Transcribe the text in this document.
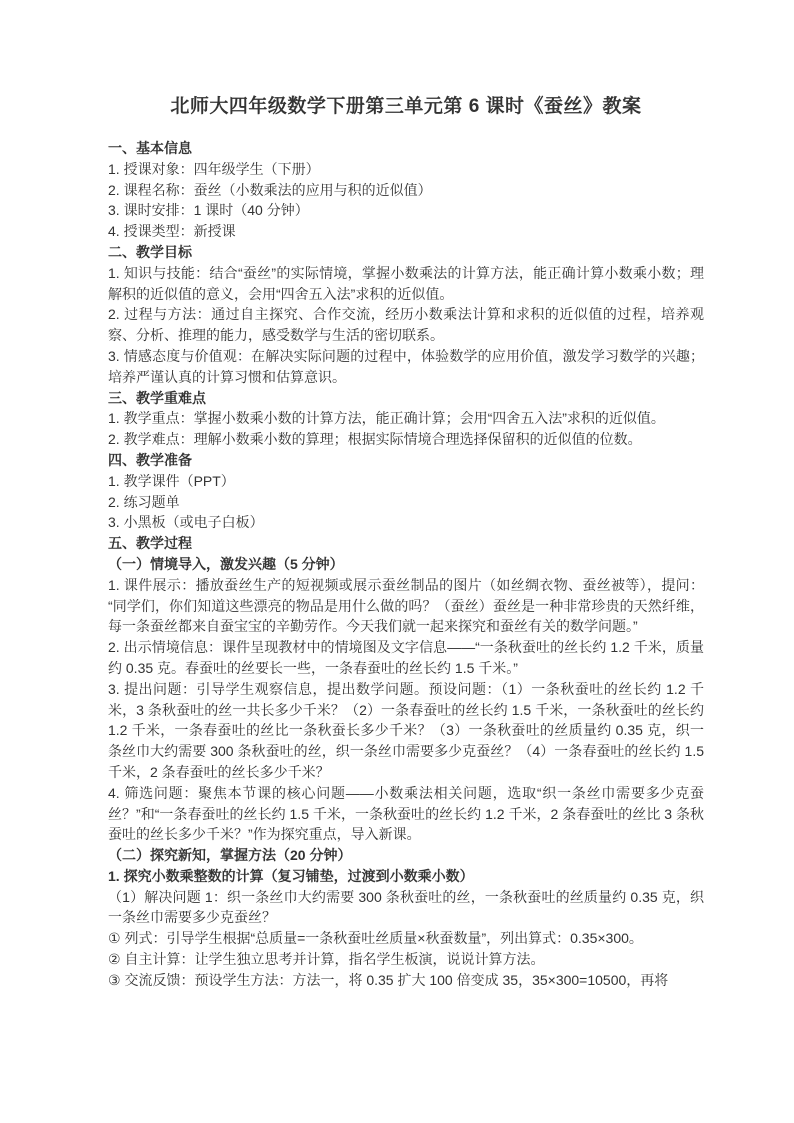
北师大四年级数学下册第三单元第 6 课时《蚕丝》教案

一、基本信息

1. 授课对象：四年级学生（下册）

2. 课程名称：蚕丝（小数乘法的应用与积的近似值）

3. 课时安排：1 课时（40 分钟）

4. 授课类型：新授课

二、教学目标

1. 知识与技能：结合“蚕丝”的实际情境，掌握小数乘法的计算方法，能正确计算小数乘小数；理解积的近似值的意义，会用“四舍五入法”求积的近似值。

2. 过程与方法：通过自主探究、合作交流，经历小数乘法计算和求积的近似值的过程，培养观察、分析、推理的能力，感受数学与生活的密切联系。

3. 情感态度与价值观：在解决实际问题的过程中，体验数学的应用价值，激发学习数学的兴趣；培养严谨认真的计算习惯和估算意识。

三、教学重难点

1. 教学重点：掌握小数乘小数的计算方法，能正确计算；会用“四舍五入法”求积的近似值。

2. 教学难点：理解小数乘小数的算理；根据实际情境合理选择保留积的近似值的位数。

四、教学准备

1. 教学课件（PPT）

2. 练习题单

3. 小黑板（或电子白板）

五、教学过程

（一）情境导入，激发兴趣（5 分钟）

1. 课件展示：播放蚕丝生产的短视频或展示蚕丝制品的图片（如丝绸衣物、蚕丝被等），提问：“同学们，你们知道这些漂亮的物品是用什么做的吗？（蚕丝）蚕丝是一种非常珍贵的天然纤维，每一条蚕丝都来自蚕宝宝的辛勤劳作。今天我们就一起来探究和蚕丝有关的数学问题。”

2. 出示情境信息：课件呈现教材中的情境图及文字信息——“一条秋蚕吐的丝长约 1.2 千米，质量约 0.35 克。春蚕吐的丝要长一些，一条春蚕吐的丝长约 1.5 千米。”

3. 提出问题：引导学生观察信息，提出数学问题。预设问题：（1）一条秋蚕吐的丝长约 1.2 千米，3 条秋蚕吐的丝一共长多少千米？（2）一条春蚕吐的丝长约 1.5 千米，一条秋蚕吐的丝长约 1.2 千米，一条春蚕吐的丝比一条秋蚕长多少千米？（3）一条秋蚕吐的丝质量约 0.35 克，织一条丝巾大约需要 300 条秋蚕吐的丝，织一条丝巾需要多少克蚕丝？（4）一条春蚕吐的丝长约 1.5 千米，2 条春蚕吐的丝长多少千米？

4. 筛选问题：聚焦本节课的核心问题——小数乘法相关问题，选取“织一条丝巾需要多少克蚕丝？”和“一条春蚕吐的丝长约 1.5 千米，一条秋蚕吐的丝长约 1.2 千米，2 条春蚕吐的丝比 3 条秋蚕吐的丝长多少千米？”作为探究重点，导入新课。

（二）探究新知，掌握方法（20 分钟）

1. 探究小数乘整数的计算（复习铺垫，过渡到小数乘小数）

（1）解决问题 1：织一条丝巾大约需要 300 条秋蚕吐的丝，一条秋蚕吐的丝质量约 0.35 克，织一条丝巾需要多少克蚕丝？

① 列式：引导学生根据“总质量=一条秋蚕吐丝质量×秋蚕数量”，列出算式：0.35×300。

② 自主计算：让学生独立思考并计算，指名学生板演，说说计算方法。

③ 交流反馈：预设学生方法：方法一，将 0.35 扩大 100 倍变成 35，35×300=10500，再将
